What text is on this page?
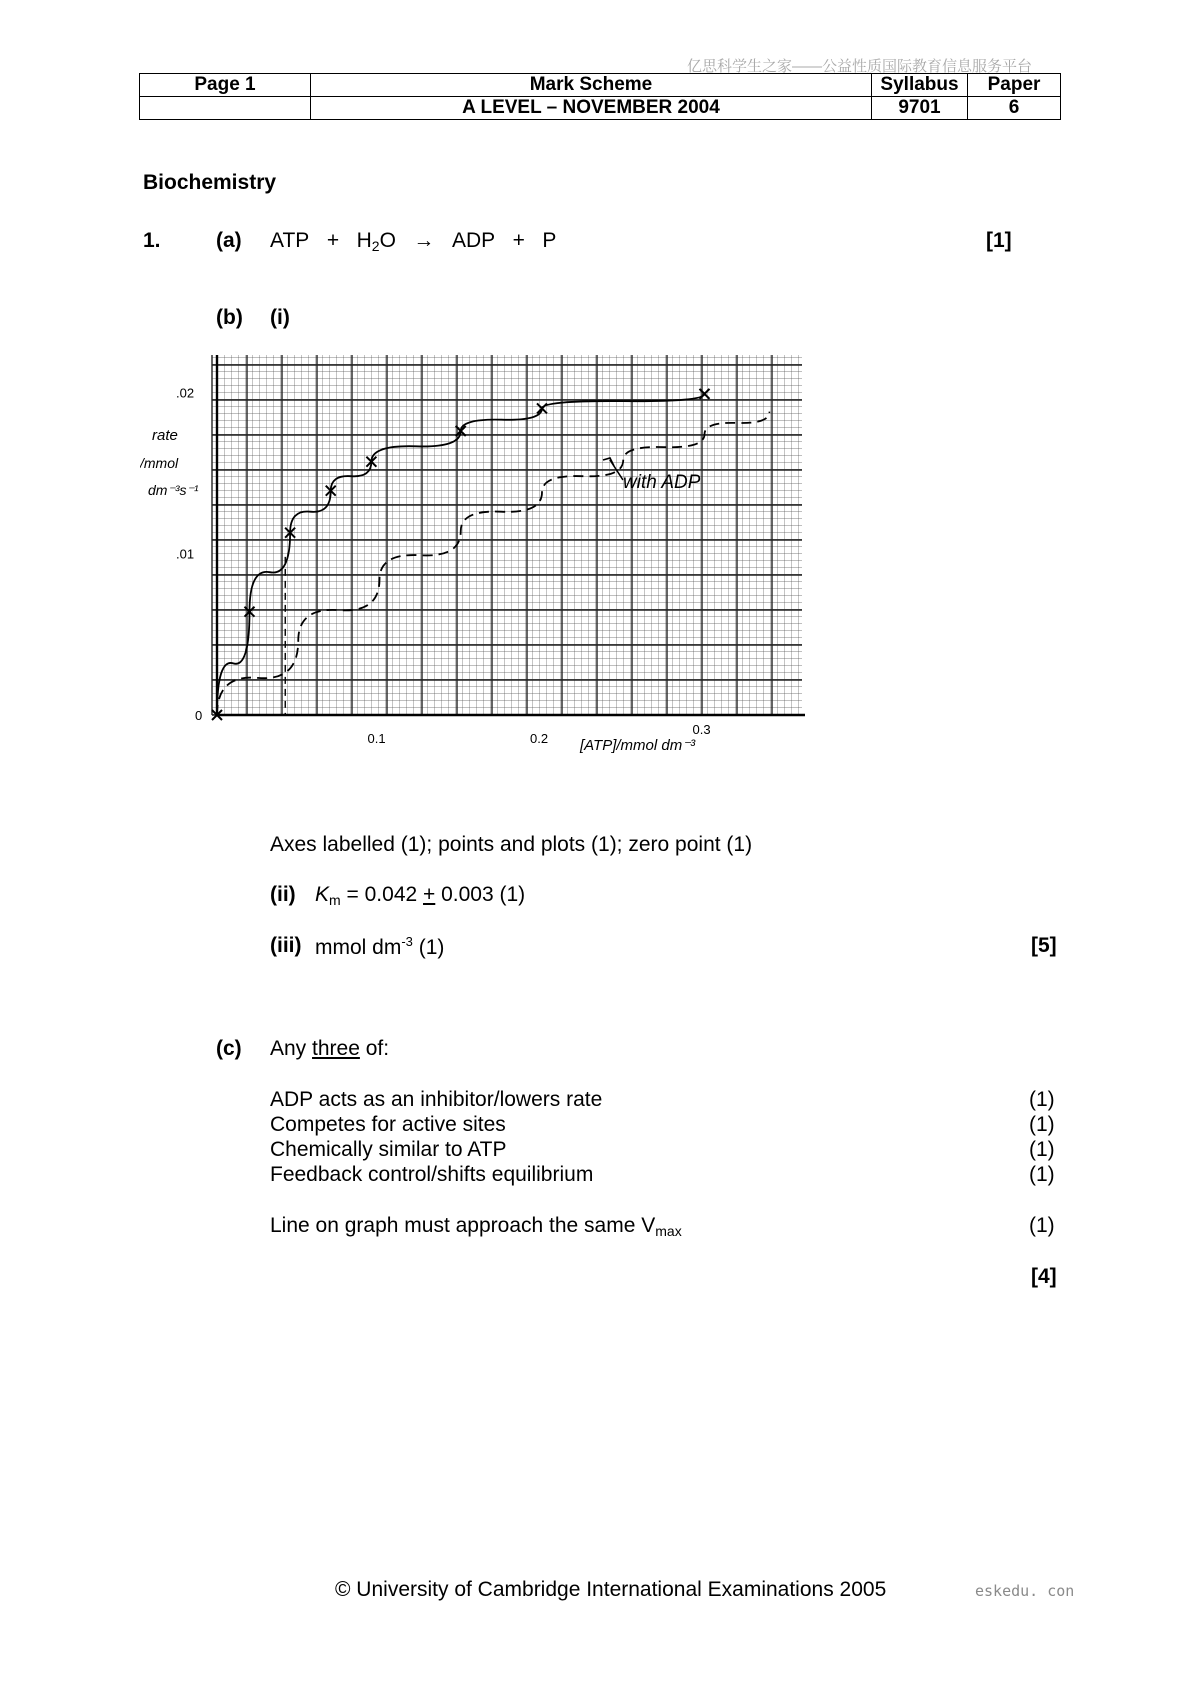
亿思科学生之家——公益性质国际教育信息服务平台
Page 1	Mark Scheme	Syllabus	Paper
	A LEVEL – NOVEMBER 2004	9701	6
Biochemistry
1.	(a) ATP + $H_2O$ → ADP + P	[1]
(b) (i)
rate
/mmol
dm⁻³s⁻¹
.02
.01
0
0.1	0.2
0.3
[ATP]/mmol dm⁻³
with ADP
Axes labelled (1); points and plots (1); zero point (1)
(ii) $K_m = 0.042 + 0.003$ (1)
(iii) mmol $dm^{-3}$ (1)	[5]
(c) Any three of:
ADP acts as an inhibitor/lowers rate	(1)
Competes for active sites	(1)
Chemically similar to ATP	(1)
Feedback control/shifts equilibrium	(1)
Line on graph must approach the same $V_{max}$	(1)
[4]
© University of Cambridge International Examinations 2005	eskedu. con
